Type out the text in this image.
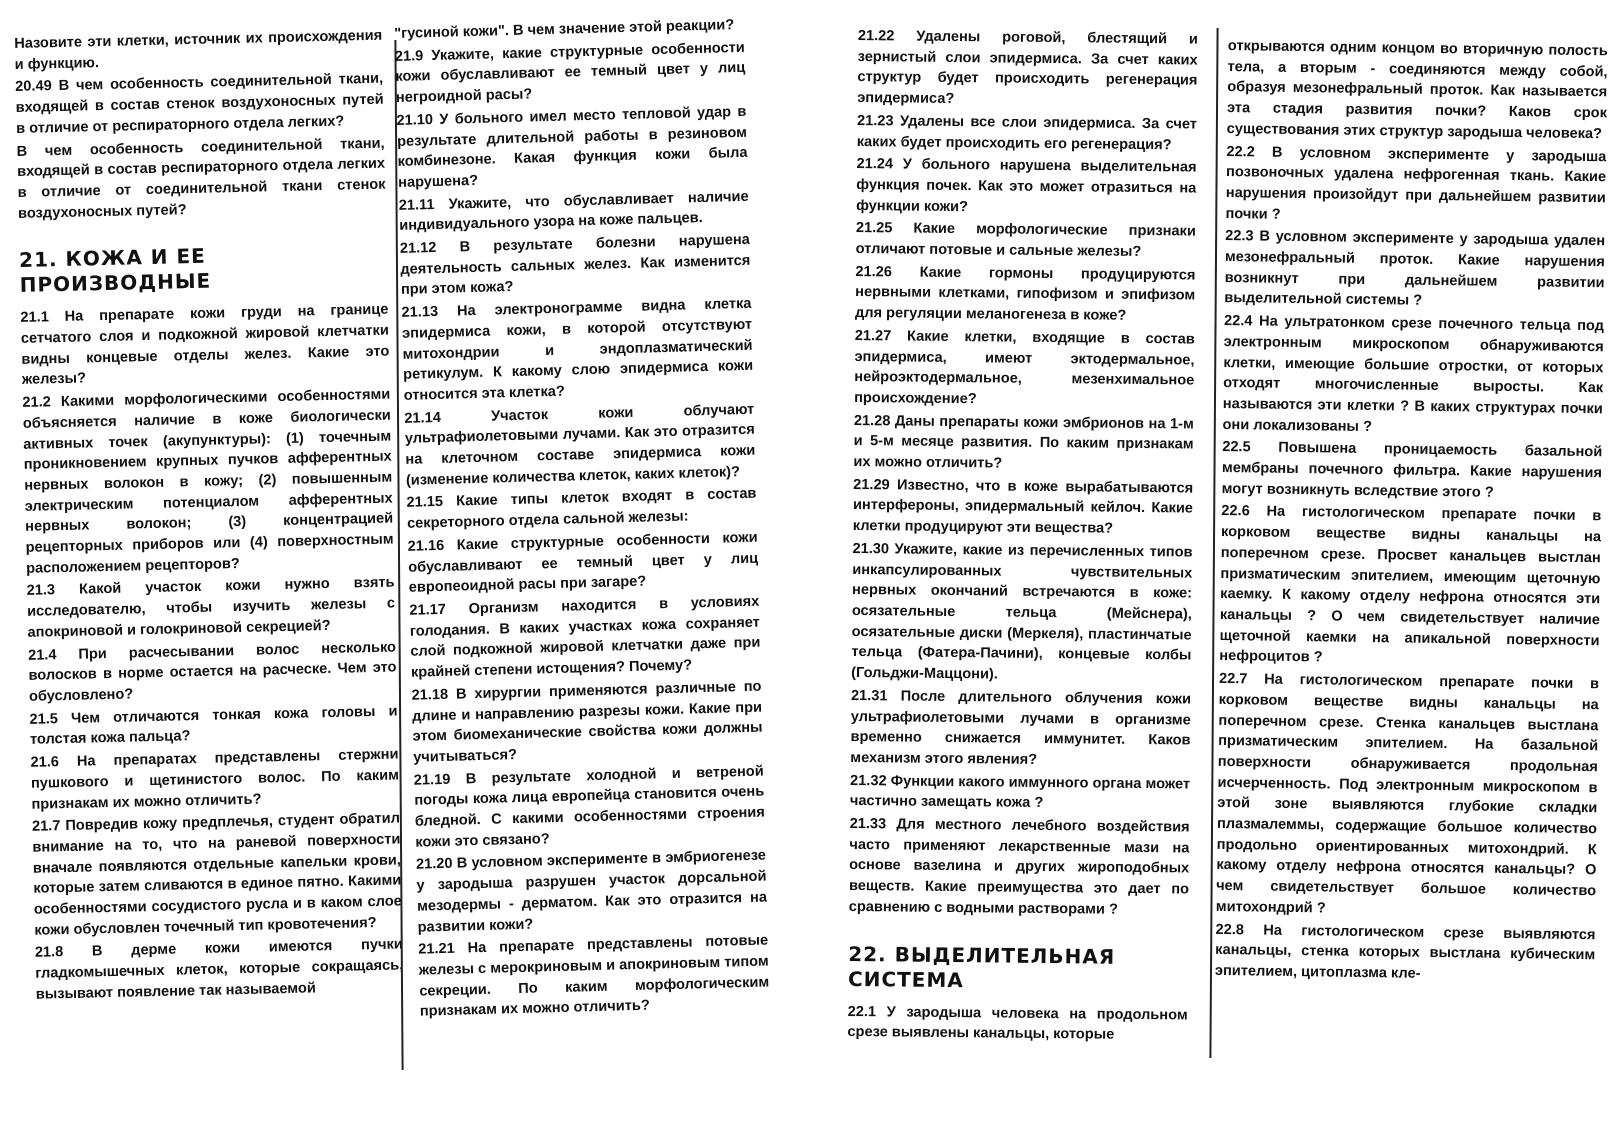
Назовите эти клетки, источник их происхождения и функцию.

20.49 В чем особенность соединительной ткани, входящей в состав стенок воздухоносных путей в отличие от респираторного отдела легких?

В чем особенность соединительной ткани, входящей в состав респираторного отдела легких в отличие от соединительной ткани стенок воздухоносных путей?

21. КОЖА И ЕЕ
ПРОИЗВОДНЫЕ

21.1 На препарате кожи груди на границе сетчатого слоя и подкожной жировой клетчатки видны концевые отделы желез. Какие это железы?

21.2 Какими морфологическими особенностями объясняется наличие в коже биологически активных точек (акупунктуры): (1) точечным проникновением крупных пучков афферентных нервных волокон в кожу; (2) повышенным электрическим потенциалом афферентных нервных волокон; (3) концентрацией рецепторных приборов или (4) поверхностным расположением рецепторов?

21.3 Какой участок кожи нужно взять исследователю, чтобы изучить железы с апокриновой и голокриновой секрецией?

21.4 При расчесывании волос несколько волосков в норме остается на расческе. Чем это обусловлено?

21.5 Чем отличаются тонкая кожа головы и толстая кожа пальца?

21.6 На препаратах представлены стержни пушкового и щетинистого волос. По каким признакам их можно отличить?

21.7 Повредив кожу предплечья, студент обратил внимание на то, что на раневой поверхности вначале появляются отдельные капельки крови, которые затем сливаются в единое пятно. Какими особенностями сосудистого русла и в каком слое кожи обусловлен точечный тип кровотечения?

21.8 В дерме кожи имеются пучки гладкомышечных клеток, которые сокращаясь, вызывают появление так называемой

"гусиной кожи". В чем значение этой реакции?

21.9 Укажите, какие структурные особенности кожи обуславливают ее темный цвет у лиц негроидной расы?

21.10 У больного имел место тепловой удар в результате длительной работы в резиновом комбинезоне. Какая функция кожи была нарушена?

21.11 Укажите, что обуславливает наличие индивидуального узора на коже пальцев.

21.12 В результате болезни нарушена деятельность сальных желез. Как изменится при этом кожа?

21.13 На электронограмме видна клетка эпидермиса кожи, в которой отсутствуют митохондрии и эндоплазматический ретикулум. К какому слою эпидермиса кожи относится эта клетка?

21.14 Участок кожи облучают ультрафиолетовыми лучами. Как это отразится на клеточном составе эпидермиса кожи (изменение количества клеток, каких клеток)?

21.15 Какие типы клеток входят в состав секреторного отдела сальной железы:

21.16 Какие структурные особенности кожи обуславливают ее темный цвет у лиц европеоидной расы при загаре?

21.17 Организм находится в условиях голодания. В каких участках кожа сохраняет слой подкожной жировой клетчатки даже при крайней степени истощения? Почему?

21.18 В хирургии применяются различные по длине и направлению разрезы кожи. Какие при этом биомеханические свойства кожи должны учитываться?

21.19 В результате холодной и ветреной погоды кожа лица европейца становится очень бледной. С какими особенностями строения кожи это связано?

21.20 В условном эксперименте в эмбриогенезе у зародыша разрушен участок дорсальной мезодермы - дерматом. Как это отразится на развитии кожи?

21.21 На препарате представлены потовые железы с мерокриновым и апокриновым типом секреции. По каким морфологическим признакам их можно отличить?

21.22 Удалены роговой, блестящий и зернистый слои эпидермиса. За счет каких структур будет происходить регенерация эпидермиса?

21.23 Удалены все слои эпидермиса. За счет каких будет происходить его регенерация?

21.24 У больного нарушена выделительная функция почек. Как это может отразиться на функции кожи?

21.25 Какие морфологические признаки отличают потовые и сальные железы?

21.26 Какие гормоны продуцируются нервными клетками, гипофизом и эпифизом для регуляции меланогенеза в коже?

21.27 Какие клетки, входящие в состав эпидермиса, имеют эктодермальное, нейроэктодермальное, мезенхимальное происхождение?

21.28 Даны препараты кожи эмбрионов на 1-м и 5-м месяце развития. По каким признакам их можно отличить?

21.29 Известно, что в коже вырабатываются интерфероны, эпидермальный кейлоч. Какие клетки продуцируют эти вещества?

21.30 Укажите, какие из перечисленных типов инкапсулированных чувствительных нервных окончаний встречаются в коже: осязательные тельца (Мейснера), осязательные диски (Меркеля), пластинчатые тельца (Фатера-Пачини), концевые колбы (Гольджи-Маццони).

21.31 После длительного облучения кожи ультрафиолетовыми лучами в организме временно снижается иммунитет. Каков механизм этого явления?

21.32 Функции какого иммунного органа может частично замещать кожа ?

21.33 Для местного лечебного воздействия часто применяют лекарственные мази на основе вазелина и других жироподобных веществ. Какие преимущества это дает по сравнению с водными растворами ?

22. ВЫДЕЛИТЕЛЬНАЯ
СИСТЕМА

22.1 У зародыша человека на продольном срезе выявлены канальцы, которые

открываются одним концом во вторичную полость тела, а вторым - соединяются между собой, образуя мезонефральный проток. Как называется эта стадия развития почки? Каков срок существования этих структур зародыша человека?

22.2 В условном эксперименте у зародыша позвоночных удалена нефрогенная ткань. Какие нарушения произойдут при дальнейшем развитии почки ?

22.3 В условном эксперименте у зародыша удален мезонефральный проток. Какие нарушения возникнут при дальнейшем развитии выделительной системы ?

22.4 На ультратонком срезе почечного тельца под электронным микроскопом обнаруживаются клетки, имеющие большие отростки, от которых отходят многочисленные выросты. Как называются эти клетки ? В каких структурах почки они локализованы ?

22.5 Повышена проницаемость базальной мембраны почечного фильтра. Какие нарушения могут возникнуть вследствие этого ?

22.6 На гистологическом препарате почки в корковом веществе видны канальцы на поперечном срезе. Просвет канальцев выстлан призматическим эпителием, имеющим щеточную каемку. К какому отделу нефрона относятся эти канальцы ? О чем свидетельствует наличие щеточной каемки на апикальной поверхности нефроцитов ?

22.7 На гистологическом препарате почки в корковом веществе видны канальцы на поперечном срезе. Стенка канальцев выстлана призматическим эпителием. На базальной поверхности обнаруживается продольная исчерченность. Под электронным микроскопом в этой зоне выявляются глубокие складки плазмалеммы, содержащие большое количество продольно ориентированных митохондрий. К какому отделу нефрона относятся канальцы? О чем свидетельствует большое количество митохондрий ?

22.8 На гистологическом срезе выявляются канальцы, стенка которых выстлана кубическим эпителием, цитоплазма кле-
